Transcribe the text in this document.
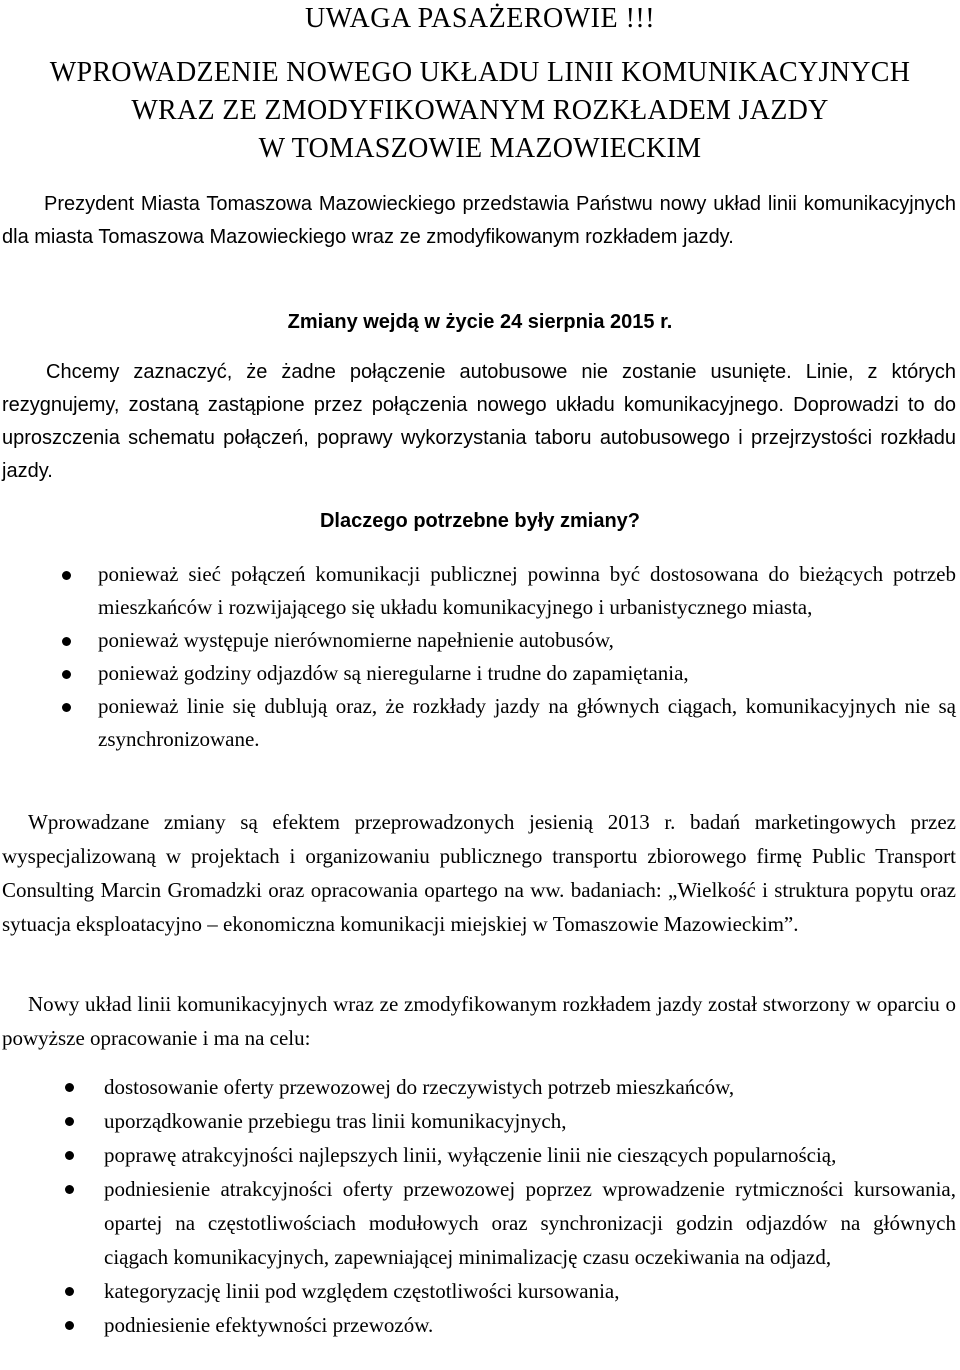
UWAGA PASAŻEROWIE !!!
WPROWADZENIE NOWEGO UKŁADU LINII KOMUNIKACYJNYCH
WRAZ ZE ZMODYFIKOWANYM ROZKŁADEM JAZDY
W TOMASZOWIE MAZOWIECKIM
Prezydent Miasta Tomaszowa Mazowieckiego przedstawia Państwu nowy układ linii komunikacyjnych dla miasta Tomaszowa Mazowieckiego wraz ze zmodyfikowanym rozkładem jazdy.
Zmiany wejdą w życie 24 sierpnia 2015 r.
Chcemy zaznaczyć, że żadne połączenie autobusowe nie zostanie usunięte. Linie, z których rezygnujemy, zostaną zastąpione przez połączenia nowego układu komunikacyjnego. Doprowadzi to do uproszczenia schematu połączeń, poprawy wykorzystania taboru autobusowego i przejrzystości rozkładu jazdy.
Dlaczego potrzebne były zmiany?
ponieważ sieć połączeń komunikacji publicznej powinna być dostosowana do bieżących potrzeb mieszkańców i rozwijającego się układu komunikacyjnego i urbanistycznego miasta,
ponieważ występuje nierównomierne napełnienie autobusów,
ponieważ godziny odjazdów są nieregularne i trudne do zapamiętania,
ponieważ linie się dublują oraz, że rozkłady jazdy na głównych ciągach, komunikacyjnych nie są zsynchronizowane.
Wprowadzane zmiany są efektem przeprowadzonych jesienią 2013 r. badań marketingowych przez wyspecjalizowaną w projektach i organizowaniu publicznego transportu zbiorowego firmę Public Transport Consulting Marcin Gromadzki oraz opracowania opartego na ww. badaniach: „Wielkość i struktura popytu oraz sytuacja eksploatacyjno – ekonomiczna komunikacji miejskiej w Tomaszowie Mazowieckim”.
Nowy układ linii komunikacyjnych wraz ze zmodyfikowanym rozkładem jazdy został stworzony w oparciu o powyższe opracowanie i ma na celu:
dostosowanie oferty przewozowej do rzeczywistych potrzeb mieszkańców,
uporządkowanie przebiegu tras linii komunikacyjnych,
poprawę atrakcyjności najlepszych linii, wyłączenie linii nie cieszących popularnością,
podniesienie atrakcyjności oferty przewozowej poprzez wprowadzenie rytmiczności kursowania, opartej na częstotliwościach modułowych oraz synchronizacji godzin odjazdów na głównych ciągach komunikacyjnych, zapewniającej minimalizację czasu oczekiwania na odjazd,
kategoryzację linii pod względem częstotliwości kursowania,
podniesienie efektywności przewozów.
